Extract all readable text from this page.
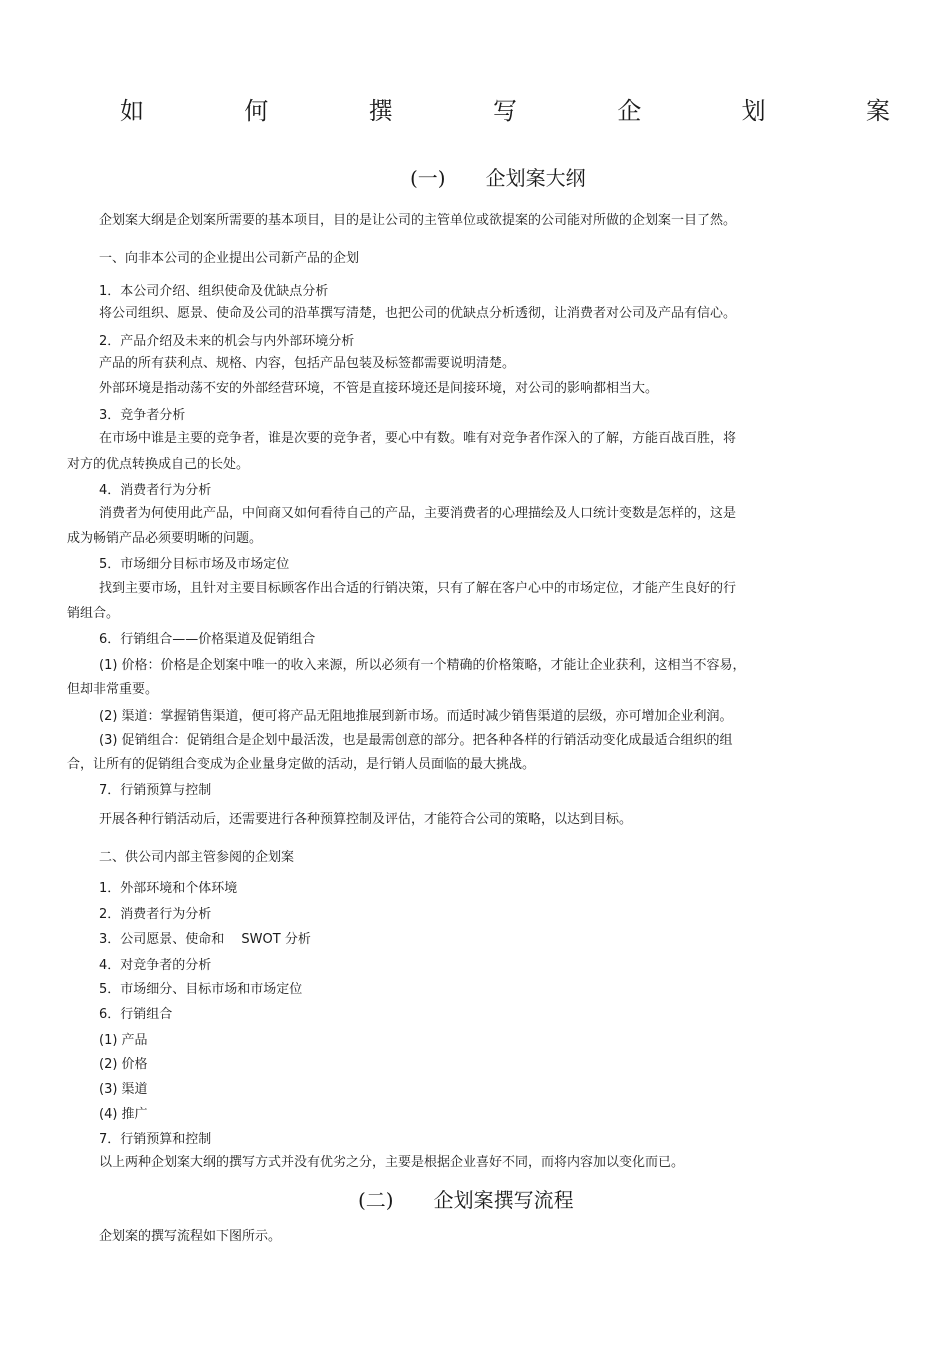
如	何	撰	写	企	划	案
(一) 企划案大纲
企划案大纲是企划案所需要的基本项目，目的是让公司的主管单位或欲提案的公司能对所做的企划案一目了然。
一、向非本公司的企业提出公司新产品的企划
1．本公司介绍、组织使命及优缺点分析
将公司组织、愿景、使命及公司的沿革撰写清楚，也把公司的优缺点分析透彻，让消费者对公司及产品有信心。
2．产品介绍及未来的机会与内外部环境分析
产品的所有获利点、规格、内容，包括产品包装及标签都需要说明清楚。
外部环境是指动荡不安的外部经营环境，不管是直接环境还是间接环境，对公司的影响都相当大。
3．竞争者分析
在市场中谁是主要的竞争者，谁是次要的竞争者，要心中有数。唯有对竞争者作深入的了解，方能百战百胜，将
对方的优点转换成自己的长处。
4．消费者行为分析
消费者为何使用此产品，中间商又如何看待自己的产品，主要消费者的心理描绘及人口统计变数是怎样的，这是
成为畅销产品必须要明晰的问题。
5．市场细分目标市场及市场定位
找到主要市场，且针对主要目标顾客作出合适的行销决策，只有了解在客户心中的市场定位，才能产生良好的行
销组合。
6．行销组合——价格渠道及促销组合
(1) 价格：价格是企划案中唯一的收入来源，所以必须有一个精确的价格策略，才能让企业获利，这相当不容易，
但却非常重要。
(2) 渠道：掌握销售渠道，便可将产品无阻地推展到新市场。而适时减少销售渠道的层级，亦可增加企业利润。
(3) 促销组合：促销组合是企划中最活泼，也是最需创意的部分。把各种各样的行销活动变化成最适合组织的组
合，让所有的促销组合变成为企业量身定做的活动，是行销人员面临的最大挑战。
7．行销预算与控制
开展各种行销活动后，还需要进行各种预算控制及评估，才能符合公司的策略，以达到目标。
二、供公司内部主管参阅的企划案
1．外部环境和个体环境
2．消费者行为分析
3．公司愿景、使命和　 SWOT 分析
4．对竞争者的分析
5．市场细分、目标市场和市场定位
6．行销组合
(1) 产品
(2) 价格
(3) 渠道
(4) 推广
7．行销预算和控制
以上两种企划案大纲的撰写方式并没有优劣之分，主要是根据企业喜好不同，而将内容加以变化而已。
(二) 企划案撰写流程
企划案的撰写流程如下图所示。
